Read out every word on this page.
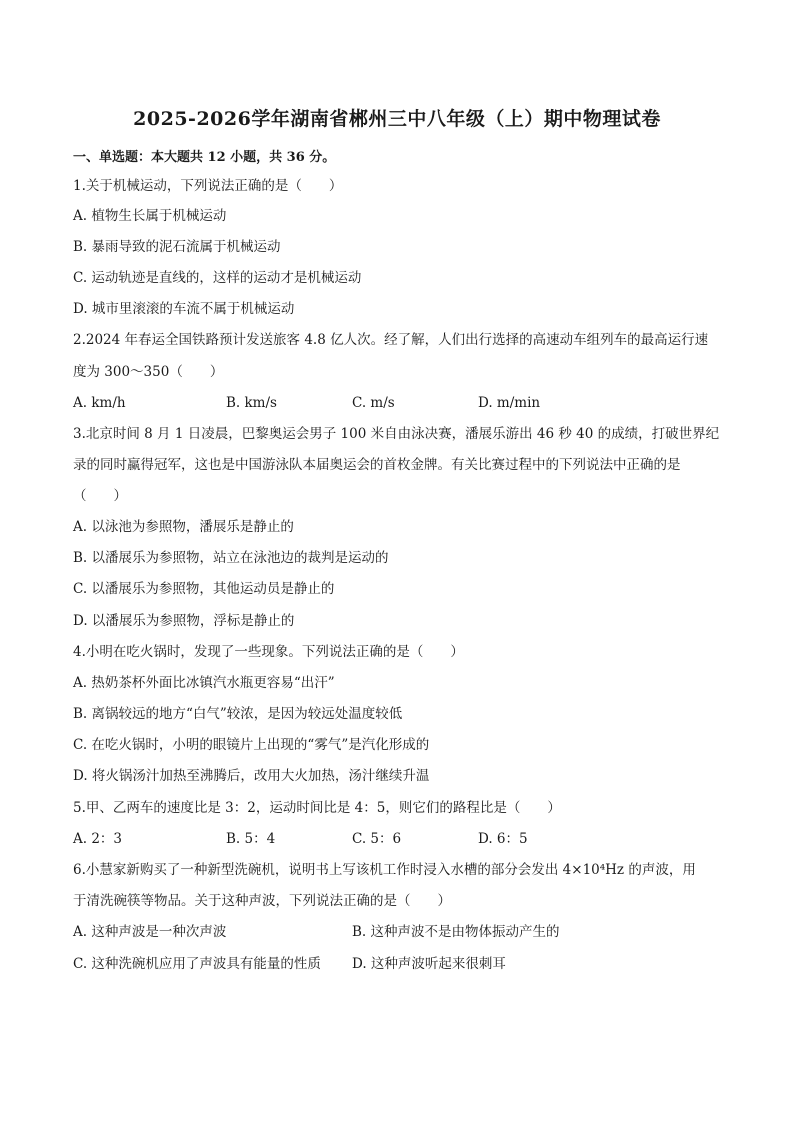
2025-2026学年湖南省郴州三中八年级（上）期中物理试卷
一、单选题：本大题共 12 小题，共 36 分。
1.关于机械运动，下列说法正确的是（　　）
A. 植物生长属于机械运动
B. 暴雨导致的泥石流属于机械运动
C. 运动轨迹是直线的，这样的运动才是机械运动
D. 城市里滚滚的车流不属于机械运动
2.2024 年春运全国铁路预计发送旅客 4.8 亿人次。经了解，人们出行选择的高速动车组列车的最高运行速
度为 300～350（　　）
A. km/h	B. km/s	C. m/s	D. m/min
3.北京时间 8 月 1 日凌晨，巴黎奥运会男子 100 米自由泳决赛，潘展乐游出 46 秒 40 的成绩，打破世界纪
录的同时赢得冠军，这也是中国游泳队本届奥运会的首枚金牌。有关比赛过程中的下列说法中正确的是
（　　）
A. 以泳池为参照物，潘展乐是静止的
B. 以潘展乐为参照物，站立在泳池边的裁判是运动的
C. 以潘展乐为参照物，其他运动员是静止的
D. 以潘展乐为参照物，浮标是静止的
4.小明在吃火锅时，发现了一些现象。下列说法正确的是（　　）
A. 热奶茶杯外面比冰镇汽水瓶更容易“出汗”
B. 离锅较远的地方“白气”较浓，是因为较远处温度较低
C. 在吃火锅时，小明的眼镜片上出现的“雾气”是汽化形成的
D. 将火锅汤汁加热至沸腾后，改用大火加热，汤汁继续升温
5.甲、乙两车的速度比是 3：2，运动时间比是 4：5，则它们的路程比是（　　）
A. 2：3	B. 5：4	C. 5：6	D. 6：5
6.小慧家新购买了一种新型洗碗机，说明书上写该机工作时浸入水槽的部分会发出 4×10⁴Hz 的声波，用
于清洗碗筷等物品。关于这种声波，下列说法正确的是（　　）
A. 这种声波是一种次声波	B. 这种声波不是由物体振动产生的
C. 这种洗碗机应用了声波具有能量的性质 D. 这种声波听起来很刺耳
